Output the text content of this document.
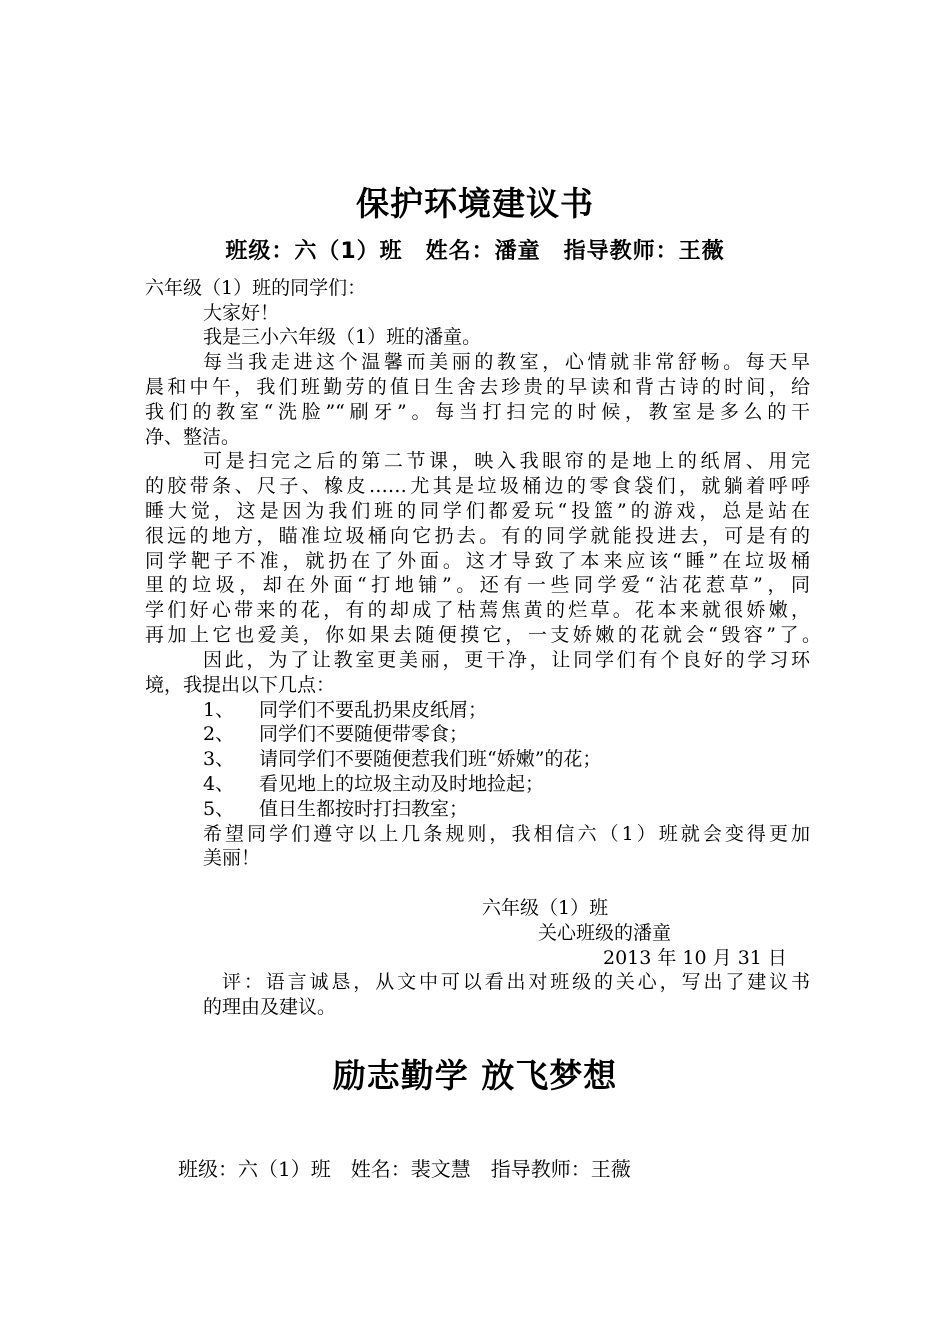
保护环境建议书
班级：六（1）班　姓名：潘童　指导教师：王薇
六年级（1）班的同学们：
大家好！
我是三小六年级（1）班的潘童。
每当我走进这个温馨而美丽的教室，心情就非常舒畅。每天早
晨和中午，我们班勤劳的值日生舍去珍贵的早读和背古诗的时间，给
我们的教室“洗脸”“刷牙”。每当打扫完的时候，教室是多么的干
净、整洁。
可是扫完之后的第二节课，映入我眼帘的是地上的纸屑、用完
的胶带条、尺子、橡皮……尤其是垃圾桶边的零食袋们，就躺着呼呼
睡大觉，这是因为我们班的同学们都爱玩“投篮”的游戏，总是站在
很远的地方，瞄准垃圾桶向它扔去。有的同学就能投进去，可是有的
同学靶子不准，就扔在了外面。这才导致了本来应该“睡”在垃圾桶
里的垃圾，却在外面“打地铺”。还有一些同学爱“沾花惹草”，同
学们好心带来的花，有的却成了枯蔫焦黄的烂草。花本来就很娇嫩，
再加上它也爱美，你如果去随便摸它，一支娇嫩的花就会“毁容”了。
因此，为了让教室更美丽，更干净，让同学们有个良好的学习环
境，我提出以下几点：
1、 同学们不要乱扔果皮纸屑；
2、 同学们不要随便带零食；
3、 请同学们不要随便惹我们班“娇嫩”的花；
4、 看见地上的垃圾主动及时地捡起；
5、 值日生都按时打扫教室；
希望同学们遵守以上几条规则，我相信六（1）班就会变得更加
美丽！
六年级（1）班
关心班级的潘童
2013 年 10 月 31 日
评：语言诚恳，从文中可以看出对班级的关心，写出了建议书
的理由及建议。
励志勤学 放飞梦想
班级：六（1）班　姓名：裴文慧　指导教师：王薇
